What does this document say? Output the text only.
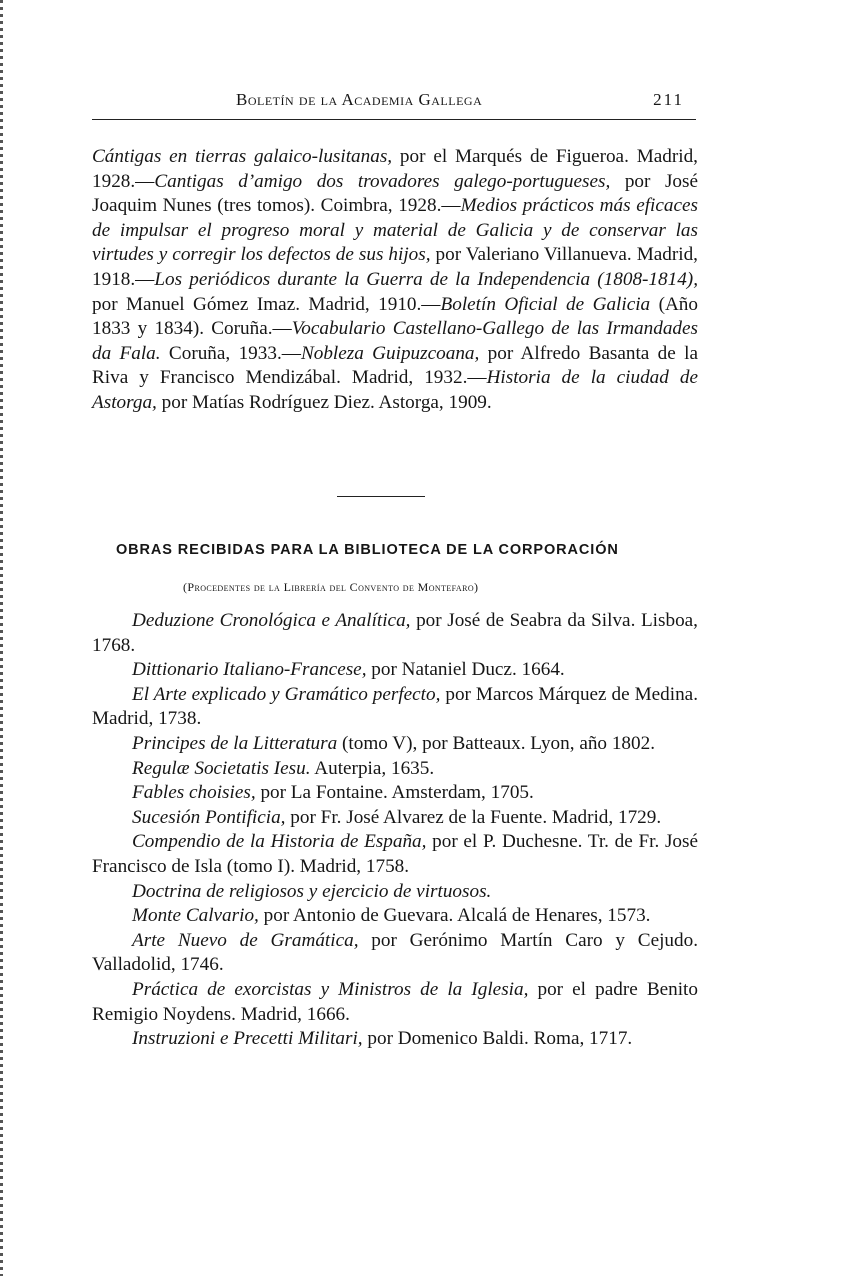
Boletín de la Academia Gallega	211

Cántigas en tierras galaico-lusitanas, por el Marqués de Figueroa. Madrid, 1928.—Cantigas d’amigo dos trovadores galego-portugueses, por José Joaquim Nunes (tres tomos). Coimbra, 1928.—Medios prácticos más eficaces de impulsar el progreso moral y material de Galicia y de conservar las virtudes y corregir los defectos de sus hijos, por Valeriano Villanueva. Madrid, 1918.—Los periódicos durante la Guerra de la Independencia (1808-1814), por Manuel Gómez Imaz. Madrid, 1910.—Boletín Oficial de Galicia (Año 1833 y 1834). Coruña.—Vocabulario Castellano-Gallego de las Irmandades da Fala. Coruña, 1933.—Nobleza Guipuzcoana, por Alfredo Basanta de la Riva y Francisco Mendizábal. Madrid, 1932.—Historia de la ciudad de Astorga, por Matías Rodríguez Diez. Astorga, 1909.

OBRAS RECIBIDAS PARA LA BIBLIOTECA DE LA CORPORACIÓN
(Procedentes de la Librería del Convento de Montefaro)

Deduzione Cronológica e Analítica, por José de Seabra da Silva. Lisboa, 1768.

Dittionario Italiano-Francese, por Nataniel Ducz. 1664.

El Arte explicado y Gramático perfecto, por Marcos Márquez de Medina. Madrid, 1738.

Principes de la Litteratura (tomo V), por Batteaux. Lyon, año 1802.

Regulæ Societatis Iesu. Auterpia, 1635.

Fables choisies, por La Fontaine. Amsterdam, 1705.

Sucesión Pontificia, por Fr. José Alvarez de la Fuente. Madrid, 1729.

Compendio de la Historia de España, por el P. Duchesne. Tr. de Fr. José Francisco de Isla (tomo I). Madrid, 1758.

Doctrina de religiosos y ejercicio de virtuosos.

Monte Calvario, por Antonio de Guevara. Alcalá de Henares, 1573.

Arte Nuevo de Gramática, por Gerónimo Martín Caro y Cejudo. Valladolid, 1746.

Práctica de exorcistas y Ministros de la Iglesia, por el padre Benito Remigio Noydens. Madrid, 1666.

Instruzioni e Precetti Militari, por Domenico Baldi. Roma, 1717.
